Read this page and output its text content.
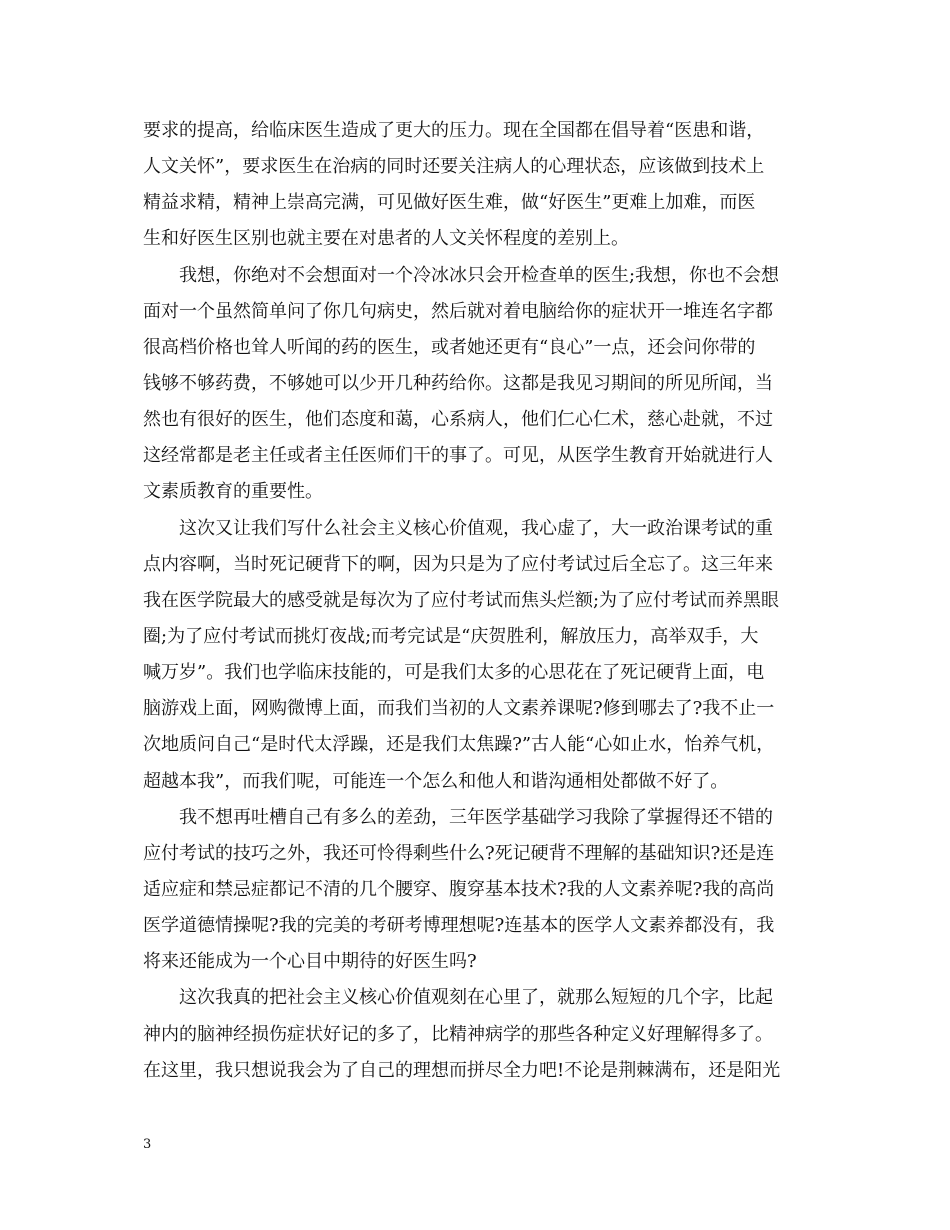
要求的提高，给临床医生造成了更大的压力。现在全国都在倡导着“医患和谐，
人文关怀”，要求医生在治病的同时还要关注病人的心理状态，应该做到技术上
精益求精，精神上崇高完满，可见做好医生难，做“好医生”更难上加难，而医
生和好医生区别也就主要在对患者的人文关怀程度的差别上。
我想，你绝对不会想面对一个冷冰冰只会开检查单的医生;我想，你也不会想
面对一个虽然简单问了你几句病史，然后就对着电脑给你的症状开一堆连名字都
很高档价格也耸人听闻的药的医生，或者她还更有“良心”一点，还会问你带的
钱够不够药费，不够她可以少开几种药给你。这都是我见习期间的所见所闻，当
然也有很好的医生，他们态度和蔼，心系病人，他们仁心仁术，慈心赴就，不过
这经常都是老主任或者主任医师们干的事了。可见，从医学生教育开始就进行人
文素质教育的重要性。
这次又让我们写什么社会主义核心价值观，我心虚了，大一政治课考试的重
点内容啊，当时死记硬背下的啊，因为只是为了应付考试过后全忘了。这三年来
我在医学院最大的感受就是每次为了应付考试而焦头烂额;为了应付考试而养黑眼
圈;为了应付考试而挑灯夜战;而考完试是“庆贺胜利，解放压力，高举双手，大
喊万岁”。我们也学临床技能的，可是我们太多的心思花在了死记硬背上面，电
脑游戏上面，网购微博上面，而我们当初的人文素养课呢?修到哪去了?我不止一
次地质问自己“是时代太浮躁，还是我们太焦躁?”古人能“心如止水，怡养气机，
超越本我”，而我们呢，可能连一个怎么和他人和谐沟通相处都做不好了。
我不想再吐槽自己有多么的差劲，三年医学基础学习我除了掌握得还不错的
应付考试的技巧之外，我还可怜得剩些什么?死记硬背不理解的基础知识?还是连
适应症和禁忌症都记不清的几个腰穿、腹穿基本技术?我的人文素养呢?我的高尚
医学道德情操呢?我的完美的考研考博理想呢?连基本的医学人文素养都没有，我
将来还能成为一个心目中期待的好医生吗?
这次我真的把社会主义核心价值观刻在心里了，就那么短短的几个字，比起
神内的脑神经损伤症状好记的多了，比精神病学的那些各种定义好理解得多了。
在这里，我只想说我会为了自己的理想而拼尽全力吧!不论是荆棘满布，还是阳光
3
